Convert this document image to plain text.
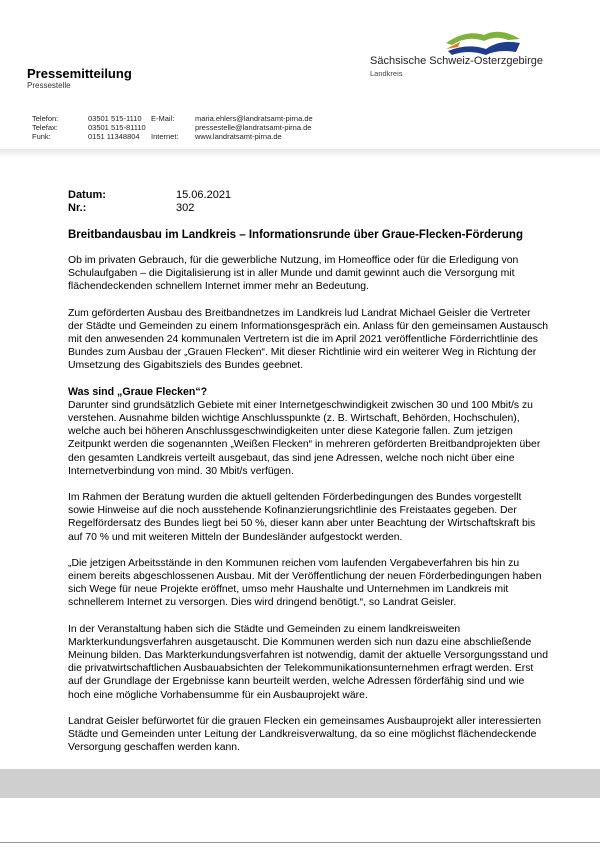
Pressemitteilung
Pressestelle
Sächsische Schweiz-Osterzgebirge
Landkreis
Telefon:
Telefax:
Funk:
03501 515-1110
03501 515-81110
0151 11348804
E-Mail:
Internet:
maria.ehlers@landratsamt-pirna.de
pressestelle@landratsamt-pirna.de
www.landratsamt-pirna.de
Datum:
Nr.:
15.06.2021
302
Breitbandausbau im Landkreis – Informationsrunde über Graue-Flecken-Förderung

Ob im privaten Gebrauch, für die gewerbliche Nutzung, im Homeoffice oder für die Erledigung von Schulaufgaben – die Digitalisierung ist in aller Munde und damit gewinnt auch die Versorgung mit flächendeckenden schnellem Internet immer mehr an Bedeutung.

Zum geförderten Ausbau des Breitbandnetzes im Landkreis lud Landrat Michael Geisler die Vertreter der Städte und Gemeinden zu einem Informationsgespräch ein. Anlass für den gemeinsamen Austausch mit den anwesenden 24 kommunalen Vertretern ist die im April 2021 veröffentliche Förderrichtlinie des Bundes zum Ausbau der „Grauen Flecken“. Mit dieser Richtlinie wird ein weiterer Weg in Richtung der Umsetzung des Gigabitsziels des Bundes geebnet.

Was sind „Graue Flecken“?

Darunter sind grundsätzlich Gebiete mit einer Internetgeschwindigkeit zwischen 30 und 100 Mbit/s zu verstehen. Ausnahme bilden wichtige Anschlusspunkte (z. B. Wirtschaft, Behörden, Hochschulen), welche auch bei höheren Anschlussgeschwindigkeiten unter diese Kategorie fallen. Zum jetzigen Zeitpunkt werden die sogenannten „Weißen Flecken“ in mehreren geförderten Breitbandprojekten über den gesamten Landkreis verteilt ausgebaut, das sind jene Adressen, welche noch nicht über eine Internetverbindung von mind. 30 Mbit/s verfügen.

Im Rahmen der Beratung wurden die aktuell geltenden Förderbedingungen des Bundes vorgestellt sowie Hinweise auf die noch ausstehende Kofinanzierungsrichtlinie des Freistaates gegeben. Der Regelfördersatz des Bundes liegt bei 50 %, dieser kann aber unter Beachtung der Wirtschaftskraft bis auf 70 % und mit weiteren Mitteln der Bundesländer aufgestockt werden.

„Die jetzigen Arbeitsstände in den Kommunen reichen vom laufenden Vergabeverfahren bis hin zu einem bereits abgeschlossenen Ausbau. Mit der Veröffentlichung der neuen Förderbedingungen haben sich Wege für neue Projekte eröffnet, umso mehr Haushalte und Unternehmen im Landkreis mit schnellerem Internet zu versorgen. Dies wird dringend benötigt.“, so Landrat Geisler.

In der Veranstaltung haben sich die Städte und Gemeinden zu einem landkreisweiten Markterkundungsverfahren ausgetauscht. Die Kommunen werden sich nun dazu eine abschließende Meinung bilden. Das Markterkundungsverfahren ist notwendig, damit der aktuelle Versorgungsstand und die privatwirtschaftlichen Ausbauabsichten der Telekommunikationsunternehmen erfragt werden. Erst auf der Grundlage der Ergebnisse kann beurteilt werden, welche Adressen förderfähig sind und wie hoch eine mögliche Vorhabensumme für ein Ausbauprojekt wäre.

Landrat Geisler befürwortet für die grauen Flecken ein gemeinsames Ausbauprojekt aller interessierten Städte und Gemeinden unter Leitung der Landkreisverwaltung, da so eine möglichst flächendeckende Versorgung geschaffen werden kann.
